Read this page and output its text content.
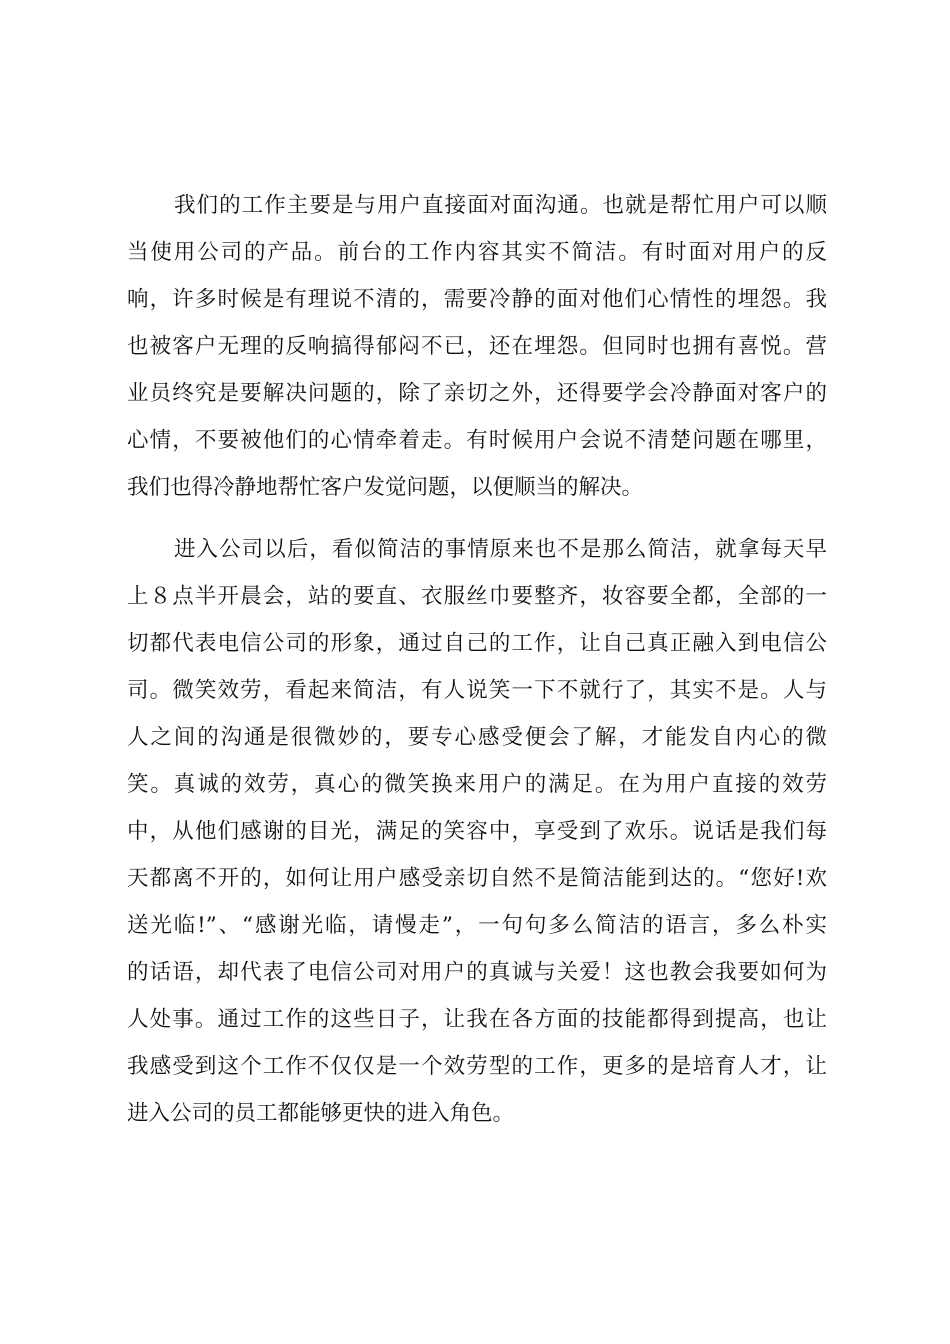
我们的工作主要是与用户直接面对面沟通。也就是帮忙用户可以顺
当使用公司的产品。前台的工作内容其实不简洁。有时面对用户的反
响，许多时候是有理说不清的，需要冷静的面对他们心情性的埋怨。我
也被客户无理的反响搞得郁闷不已，还在埋怨。但同时也拥有喜悦。营
业员终究是要解决问题的，除了亲切之外，还得要学会冷静面对客户的
心情，不要被他们的心情牵着走。有时候用户会说不清楚问题在哪里，
我们也得冷静地帮忙客户发觉问题，以便顺当的解决。
进入公司以后，看似简洁的事情原来也不是那么简洁，就拿每天早
上８点半开晨会，站的要直、衣服丝巾要整齐，妆容要全都，全部的一
切都代表电信公司的形象，通过自己的工作，让自己真正融入到电信公
司。微笑效劳，看起来简洁，有人说笑一下不就行了，其实不是。人与
人之间的沟通是很微妙的，要专心感受便会了解，才能发自内心的微
笑。真诚的效劳，真心的微笑换来用户的满足。在为用户直接的效劳
中，从他们感谢的目光，满足的笑容中，享受到了欢乐。说话是我们每
天都离不开的，如何让用户感受亲切自然不是简洁能到达的。“您好!欢
送光临!”、“感谢光临，请慢走”，一句句多么简洁的语言，多么朴实
的话语，却代表了电信公司对用户的真诚与关爱！这也教会我要如何为
人处事。通过工作的这些日子，让我在各方面的技能都得到提高，也让
我感受到这个工作不仅仅是一个效劳型的工作，更多的是培育人才，让
进入公司的员工都能够更快的进入角色。
